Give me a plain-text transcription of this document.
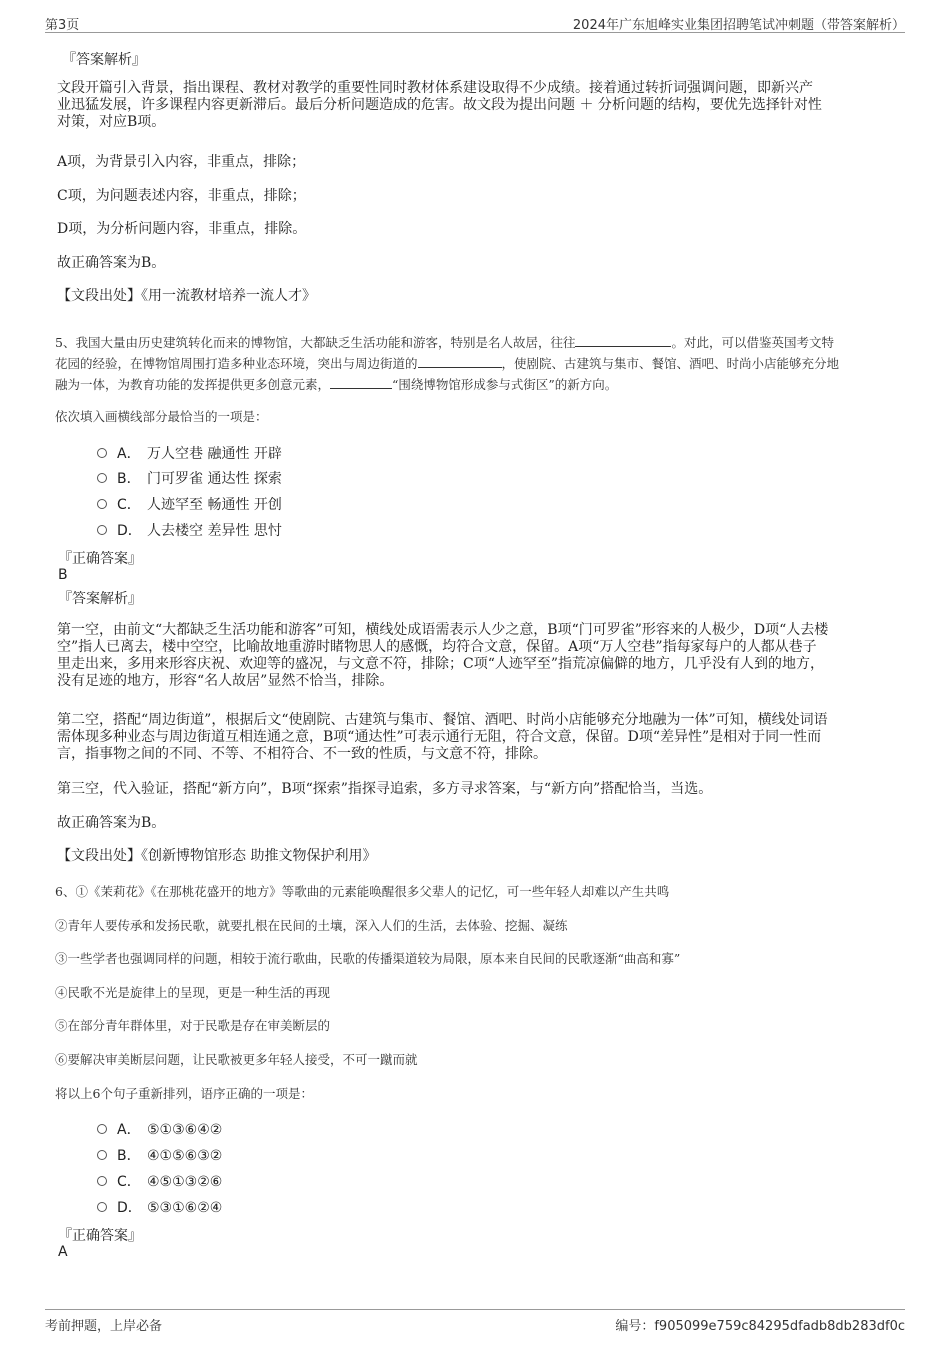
第3页	2024年广东旭峰实业集团招聘笔试冲刺题（带答案解析）
『答案解析』
文段开篇引入背景，指出课程、教材对教学的重要性同时教材体系建设取得不少成绩。接着通过转折词强调问题，即新兴产
业迅猛发展，许多课程内容更新滞后。最后分析问题造成的危害。故文段为提出问题 ＋ 分析问题的结构，要优先选择针对性
对策，对应B项。
A项，为背景引入内容，非重点，排除；
C项，为问题表述内容，非重点，排除；
D项，为分析问题内容，非重点，排除。
故正确答案为B。
【文段出处】《用一流教材培养一流人才》
5、我国大量由历史建筑转化而来的博物馆，大都缺乏生活功能和游客，特别是名人故居，往往	。对此，可以借鉴英国考文特
花园的经验，在博物馆周围打造多种业态环境，突出与周边街道的	，使剧院、古建筑与集市、餐馆、酒吧、时尚小店能够充分地
融为一体，为教育功能的发挥提供更多创意元素，	“围绕博物馆形成参与式街区”的新方向。
依次填入画横线部分最恰当的一项是：
A． 万人空巷 融通性 开辟
B． 门可罗雀 通达性 探索
C． 人迹罕至 畅通性 开创
D． 人去楼空 差异性 思忖
『正确答案』
B
『答案解析』
第一空，由前文“大都缺乏生活功能和游客”可知，横线处成语需表示人少之意，B项“门可罗雀”形容来的人极少，D项“人去楼
空”指人已离去，楼中空空，比喻故地重游时睹物思人的感慨，均符合文意，保留。A项“万人空巷”指每家每户的人都从巷子
里走出来，多用来形容庆祝、欢迎等的盛况，与文意不符，排除；C项“人迹罕至”指荒凉偏僻的地方，几乎没有人到的地方，
没有足迹的地方，形容“名人故居”显然不恰当，排除。
第二空，搭配“周边街道”，根据后文“使剧院、古建筑与集市、餐馆、酒吧、时尚小店能够充分地融为一体”可知，横线处词语
需体现多种业态与周边街道互相连通之意，B项“通达性”可表示通行无阻，符合文意，保留。D项“差异性”是相对于同一性而
言，指事物之间的不同、不等、不相符合、不一致的性质，与文意不符，排除。
第三空，代入验证，搭配“新方向”，B项“探索”指探寻追索，多方寻求答案，与“新方向”搭配恰当，当选。
故正确答案为B。
【文段出处】《创新博物馆形态 助推文物保护利用》
6、①《茉莉花》《在那桃花盛开的地方》等歌曲的元素能唤醒很多父辈人的记忆，可一些年轻人却难以产生共鸣
②青年人要传承和发扬民歌，就要扎根在民间的土壤，深入人们的生活，去体验、挖掘、凝练
③一些学者也强调同样的问题，相较于流行歌曲，民歌的传播渠道较为局限，原本来自民间的民歌逐渐“曲高和寡”
④民歌不光是旋律上的呈现，更是一种生活的再现
⑤在部分青年群体里，对于民歌是存在审美断层的
⑥要解决审美断层问题，让民歌被更多年轻人接受，不可一蹴而就
将以上6个句子重新排列，语序正确的一项是：
A． ⑤①③⑥④②
B． ④①⑤⑥③②
C． ④⑤①③②⑥
D． ⑤③①⑥②④
『正确答案』
A
考前押题，上岸必备	编号：f905099e759c84295dfadb8db283df0c
